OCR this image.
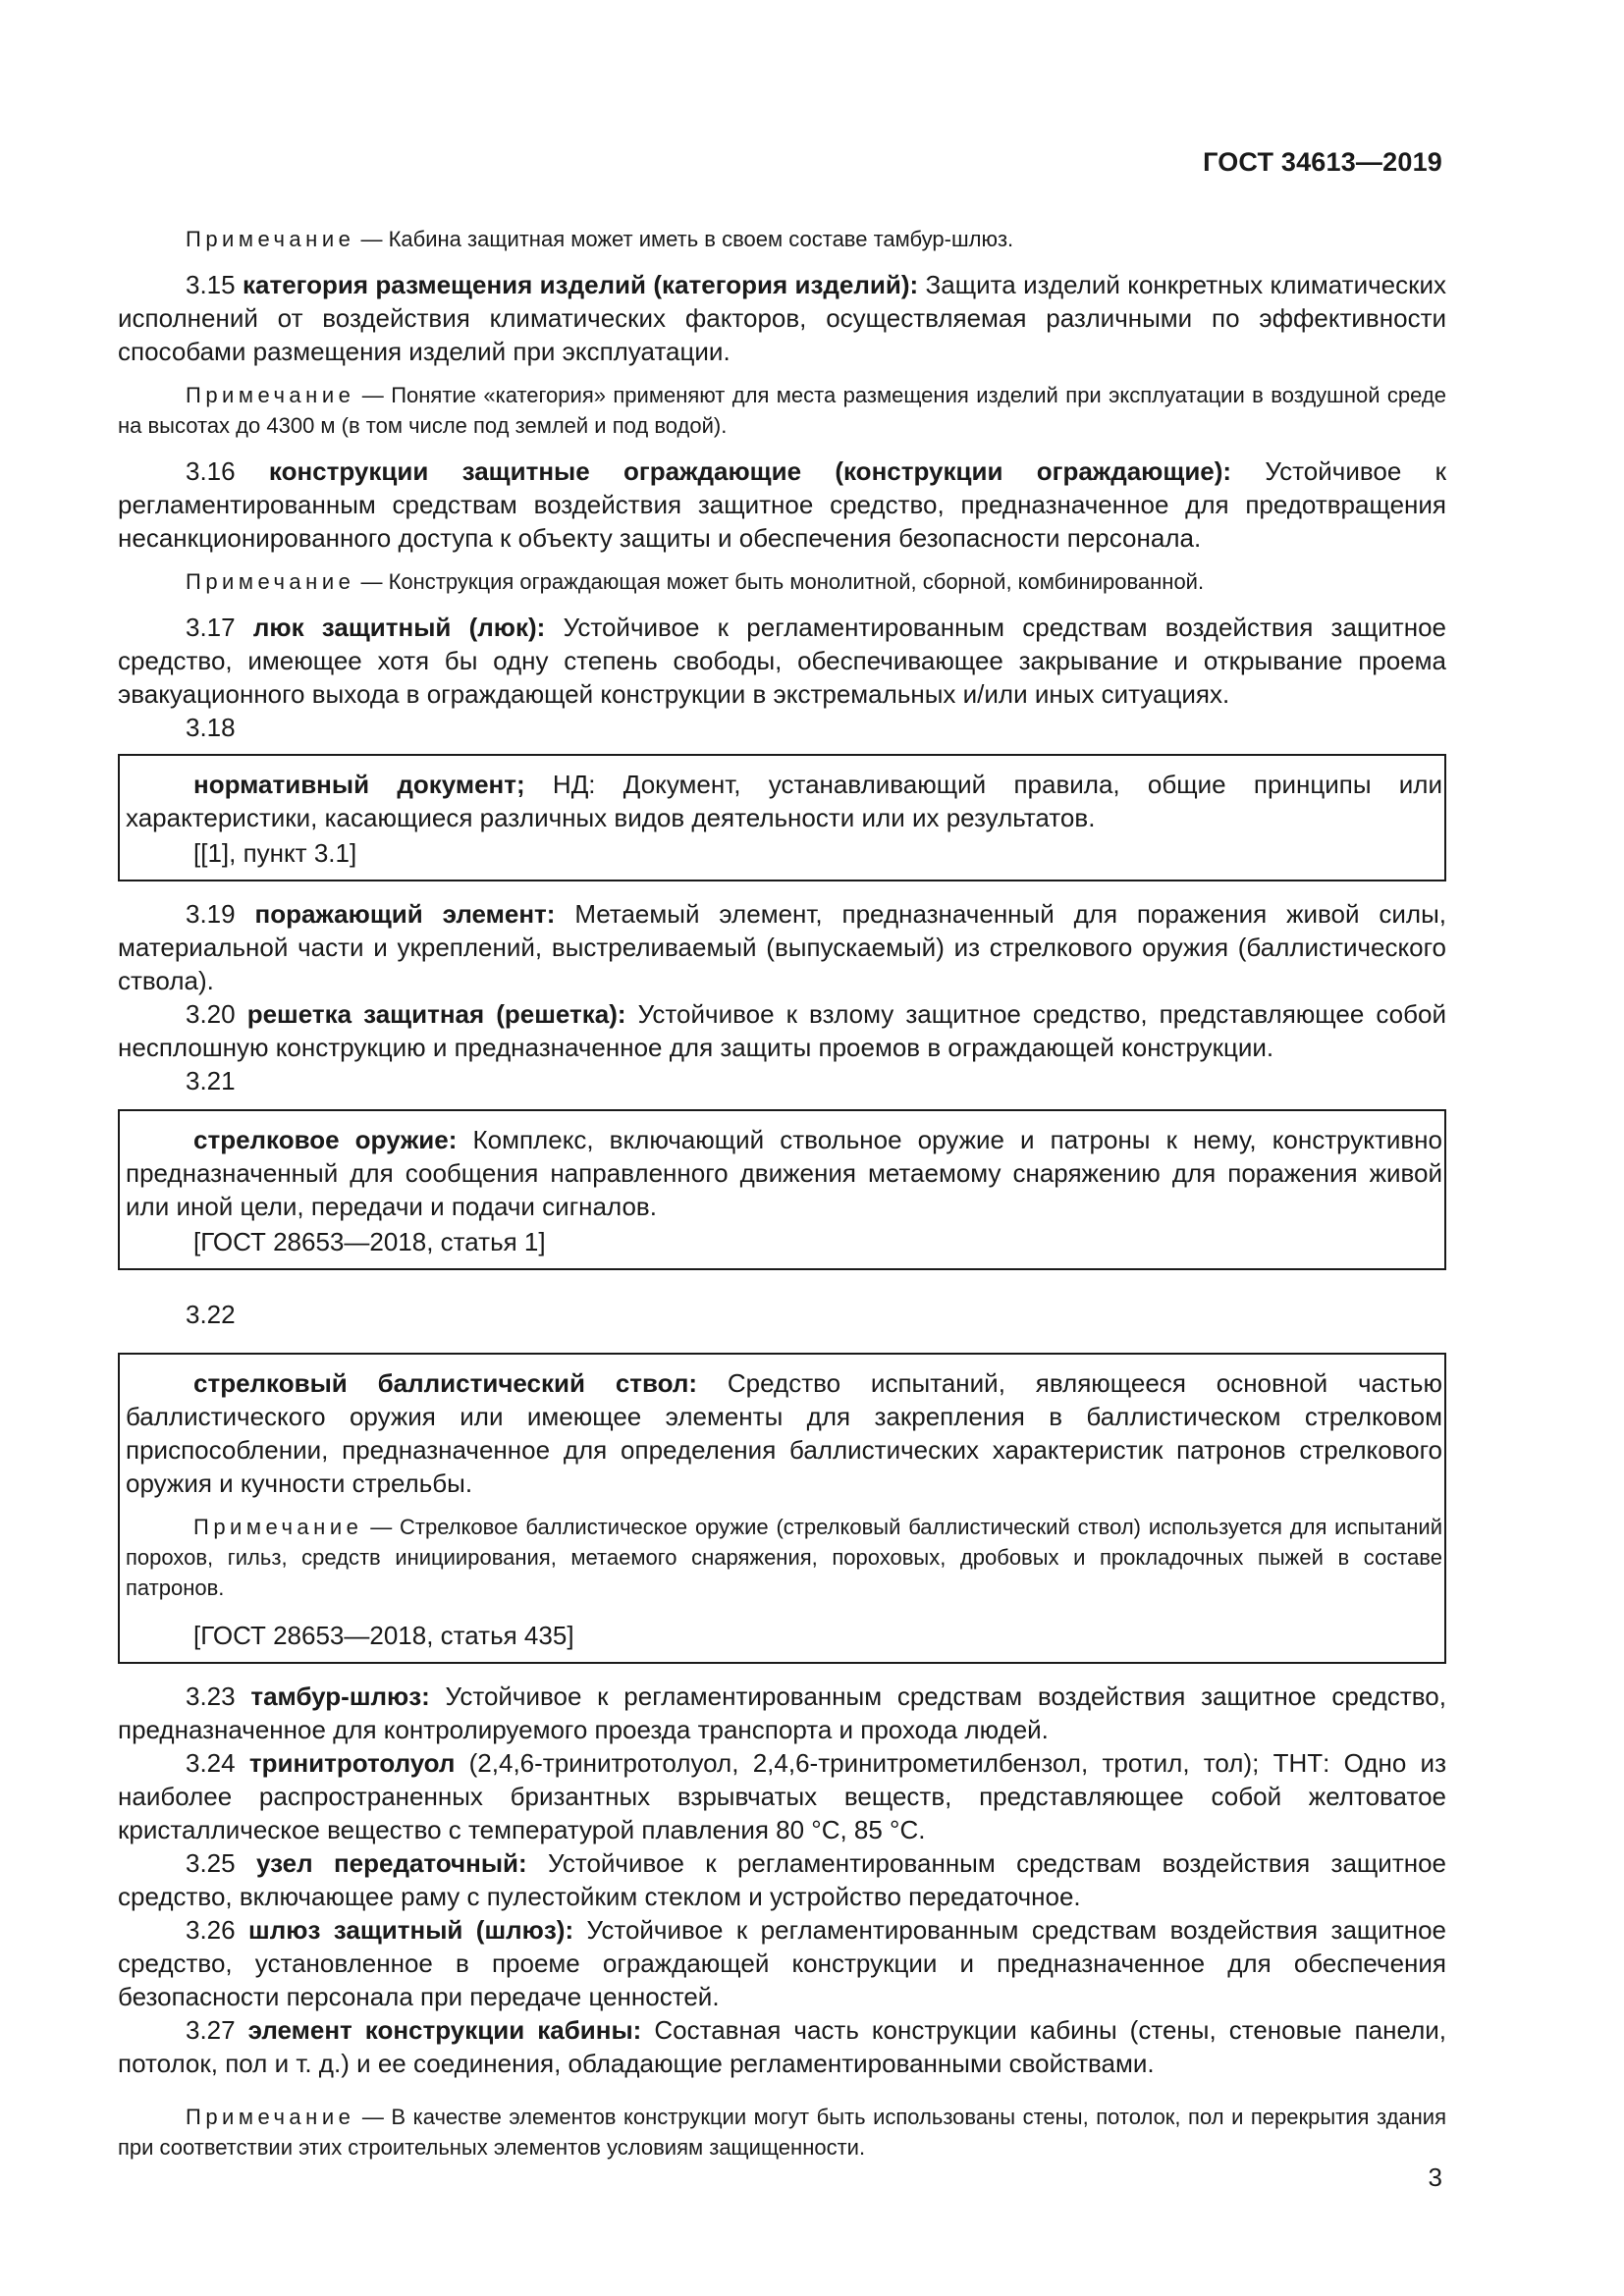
ГОСТ 34613—2019

Примечание — Кабина защитная может иметь в своем составе тамбур-шлюз.

3.15 категория размещения изделий (категория изделий): Защита изделий конкретных климатических исполнений от воздействия климатических факторов, осуществляемая различными по эффективности способами размещения изделий при эксплуатации.

Примечание — Понятие «категория» применяют для места размещения изделий при эксплуатации в воздушной среде на высотах до 4300 м (в том числе под землей и под водой).

3.16 конструкции защитные ограждающие (конструкции ограждающие): Устойчивое к регламентированным средствам воздействия защитное средство, предназначенное для предотвращения несанкционированного доступа к объекту защиты и обеспечения безопасности персонала.

Примечание — Конструкция ограждающая может быть монолитной, сборной, комбинированной.

3.17 люк защитный (люк): Устойчивое к регламентированным средствам воздействия защитное средство, имеющее хотя бы одну степень свободы, обеспечивающее закрывание и открывание проема эвакуационного выхода в ограждающей конструкции в экстремальных и/или иных ситуациях.

3.18

нормативный документ; НД: Документ, устанавливающий правила, общие принципы или характеристики, касающиеся различных видов деятельности или их результатов.

[[1], пункт 3.1]

3.19 поражающий элемент: Метаемый элемент, предназначенный для поражения живой силы, материальной части и укреплений, выстреливаемый (выпускаемый) из стрелкового оружия (баллистического ствола).

3.20 решетка защитная (решетка): Устойчивое к взлому защитное средство, представляющее собой несплошную конструкцию и предназначенное для защиты проемов в ограждающей конструкции.

3.21

стрелковое оружие: Комплекс, включающий ствольное оружие и патроны к нему, конструктивно предназначенный для сообщения направленного движения метаемому снаряжению для поражения живой или иной цели, передачи и подачи сигналов.

[ГОСТ 28653—2018, статья 1]
3.22

стрелковый баллистический ствол: Средство испытаний, являющееся основной частью баллистического оружия или имеющее элементы для закрепления в баллистическом стрелковом приспособлении, предназначенное для определения баллистических характеристик патронов стрелкового оружия и кучности стрельбы.

Примечание — Стрелковое баллистическое оружие (стрелковый баллистический ствол) используется для испытаний порохов, гильз, средств инициирования, метаемого снаряжения, пороховых, дробовых и прокладочных пыжей в составе патронов.

[ГОСТ 28653—2018, статья 435]

3.23 тамбур-шлюз: Устойчивое к регламентированным средствам воздействия защитное средство, предназначенное для контролируемого проезда транспорта и прохода людей.

3.24 тринитротолуол (2,4,6-тринитротолуол, 2,4,6-тринитрометилбензол, тротил, тол); ТНТ: Одно из наиболее распространенных бризантных взрывчатых веществ, представляющее собой желтоватое кристаллическое вещество с температурой плавления 80 °С, 85 °С.

3.25 узел передаточный: Устойчивое к регламентированным средствам воздействия защитное средство, включающее раму с пулестойким стеклом и устройство передаточное.

3.26 шлюз защитный (шлюз): Устойчивое к регламентированным средствам воздействия защитное средство, установленное в проеме ограждающей конструкции и предназначенное для обеспечения безопасности персонала при передаче ценностей.

3.27 элемент конструкции кабины: Составная часть конструкции кабины (стены, стеновые панели, потолок, пол и т. д.) и ее соединения, обладающие регламентированными свойствами.

Примечание — В качестве элементов конструкции могут быть использованы стены, потолок, пол и перекрытия здания при соответствии этих строительных элементов условиям защищенности.

3
